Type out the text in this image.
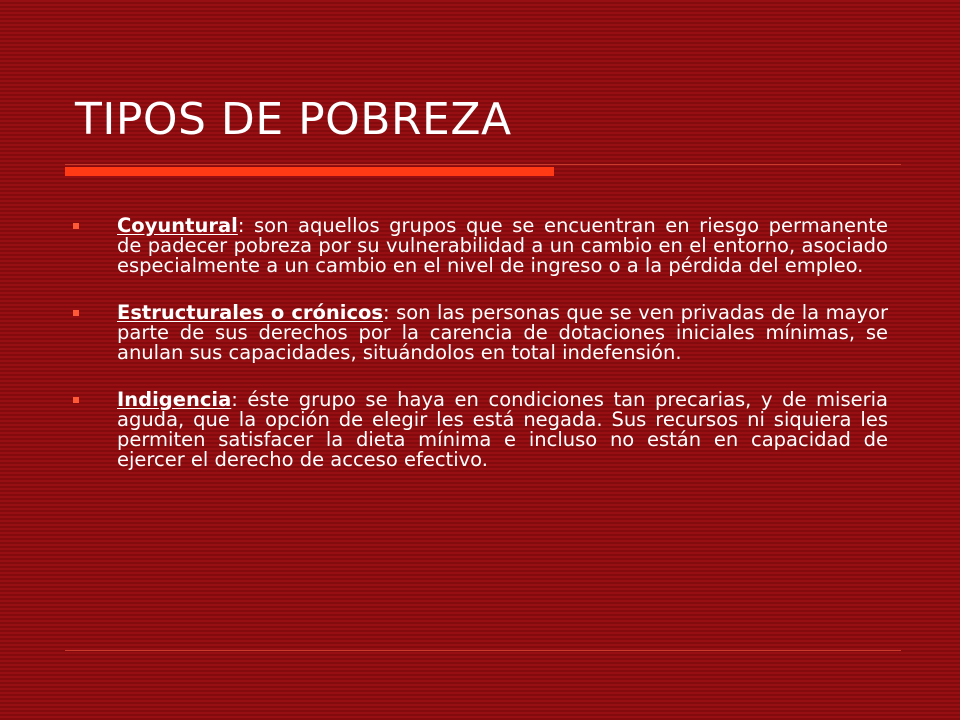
TIPOS DE POBREZA
Coyuntural: son aquellos grupos que se encuentran en riesgo permanente de padecer pobreza por su vulnerabilidad a un cambio en el entorno, asociado especialmente a un cambio en el nivel de ingreso o a la pérdida del empleo.
Estructurales o crónicos: son las personas que se ven privadas de la mayor parte de sus derechos por la carencia de dotaciones iniciales mínimas, se anulan sus capacidades, situándolos en total indefensión.
Indigencia: éste grupo se haya en condiciones tan precarias, y de miseria aguda, que la opción de elegir les está negada. Sus recursos ni siquiera les permiten satisfacer la dieta mínima e incluso no están en capacidad de ejercer el derecho de acceso efectivo.
